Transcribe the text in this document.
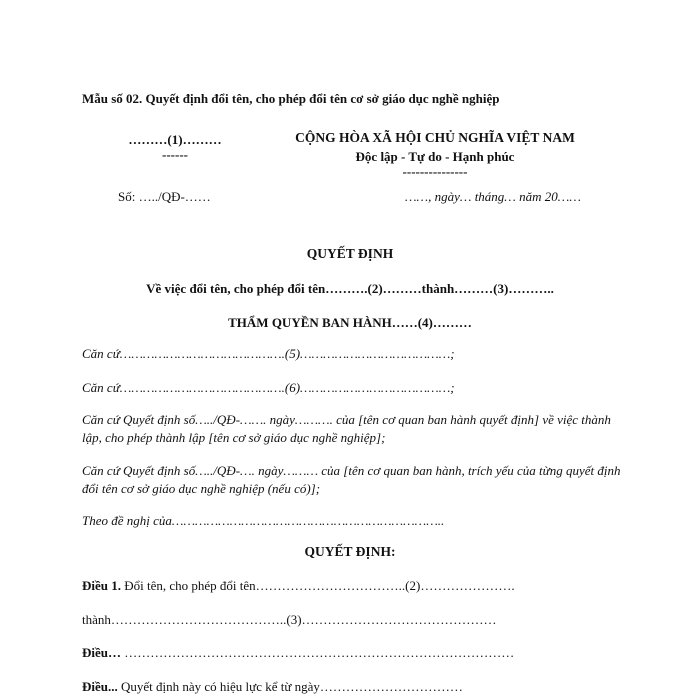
Mẫu số 02. Quyết định đổi tên, cho phép đổi tên cơ sở giáo dục nghề nghiệp
………(1)………
------
CỘNG HÒA XÃ HỘI CHỦ NGHĨA VIỆT NAM
Độc lập - Tự do - Hạnh phúc
---------------
Số: …../QĐ-……	……, ngày… tháng… năm 20……
QUYẾT ĐỊNH
Về việc đổi tên, cho phép đổi tên……….(2)………thành………(3)………..
THẨM QUYỀN BAN HÀNH……(4)………
Căn cứ…………………………………….(5)…………………………………;
Căn cứ…………………………………….(6)…………………………………;
Căn cứ Quyết định số…../QĐ-……. ngày………. của [tên cơ quan ban hành quyết định] về việc thành lập, cho phép thành lập [tên cơ sở giáo dục nghề nghiệp];
Căn cứ Quyết định số…../QĐ-…. ngày……… của [tên cơ quan ban hành, trích yếu của từng quyết định đổi tên cơ sở giáo dục nghề nghiệp (nếu có)];
Theo đề nghị của……………………………………………………………..
QUYẾT ĐỊNH:
Điều 1. Đổi tên, cho phép đổi tên……………………………..(2)………………….
thành…………………………………..(3)………………………………………
Điều… ………………………………………………………………………………
Điều... Quyết định này có hiệu lực kể từ ngày……………………………
